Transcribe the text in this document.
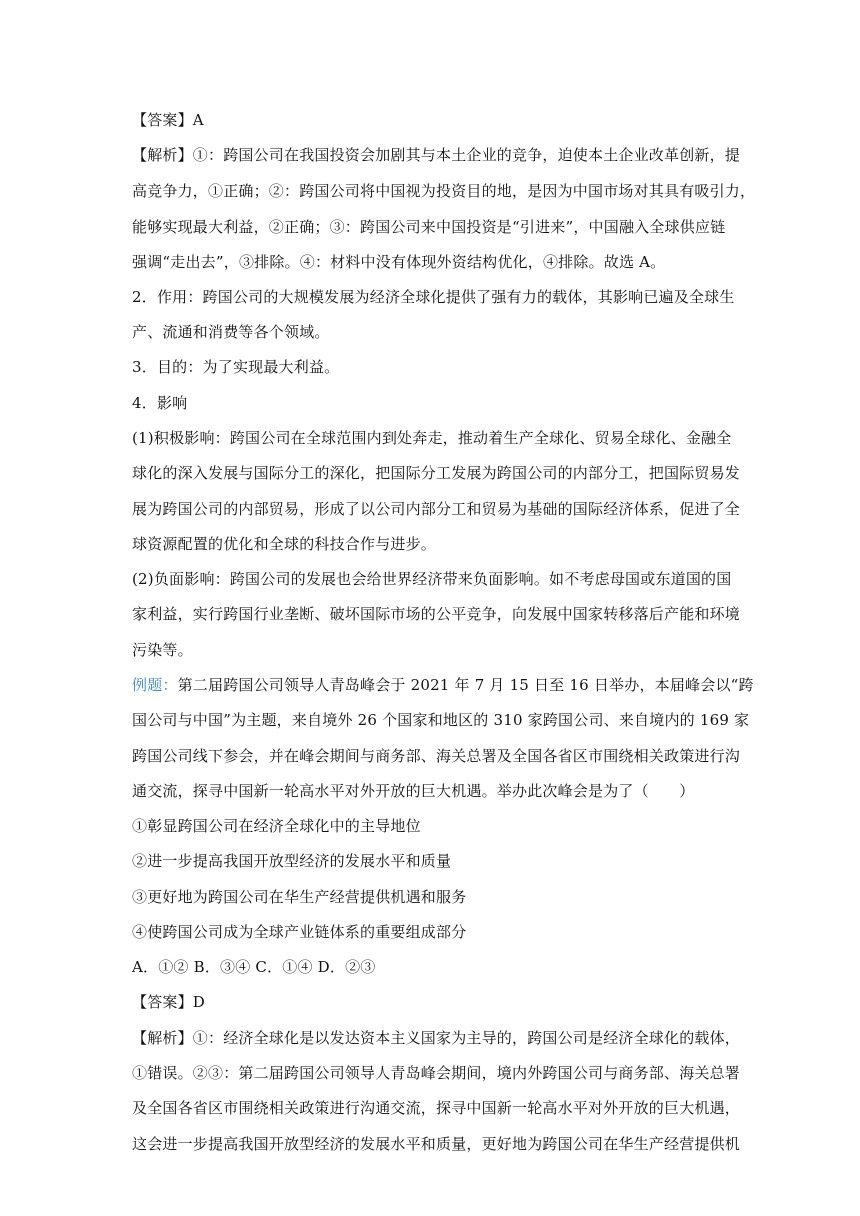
【答案】A
【解析】①：跨国公司在我国投资会加剧其与本土企业的竞争，迫使本土企业改革创新，提
高竞争力，①正确；②：跨国公司将中国视为投资目的地，是因为中国市场对其具有吸引力，
能够实现最大利益，②正确；③：跨国公司来中国投资是“引进来”，中国融入全球供应链
强调“走出去”，③排除。④：材料中没有体现外资结构优化，④排除。故选 A。
2．作用：跨国公司的大规模发展为经济全球化提供了强有力的载体，其影响已遍及全球生
产、流通和消费等各个领域。
3．目的：为了实现最大利益。
4．影响
(1)积极影响：跨国公司在全球范围内到处奔走，推动着生产全球化、贸易全球化、金融全
球化的深入发展与国际分工的深化，把国际分工发展为跨国公司的内部分工，把国际贸易发
展为跨国公司的内部贸易，形成了以公司内部分工和贸易为基础的国际经济体系，促进了全
球资源配置的优化和全球的科技合作与进步。
(2)负面影响：跨国公司的发展也会给世界经济带来负面影响。如不考虑母国或东道国的国
家利益，实行跨国行业垄断、破坏国际市场的公平竞争，向发展中国家转移落后产能和环境
污染等。
例题：第二届跨国公司领导人青岛峰会于 2021 年 7 月 15 日至 16 日举办，本届峰会以“跨
国公司与中国”为主题，来自境外 26 个国家和地区的 310 家跨国公司、来自境内的 169 家
跨国公司线下参会，并在峰会期间与商务部、海关总署及全国各省区市围绕相关政策进行沟
通交流，探寻中国新一轮高水平对外开放的巨大机遇。举办此次峰会是为了（　　）
①彰显跨国公司在经济全球化中的主导地位
②进一步提高我国开放型经济的发展水平和质量
③更好地为跨国公司在华生产经营提供机遇和服务
④使跨国公司成为全球产业链体系的重要组成部分
A．①② B．③④ C．①④ D．②③
【答案】D
【解析】①：经济全球化是以发达资本主义国家为主导的，跨国公司是经济全球化的载体，
①错误。②③：第二届跨国公司领导人青岛峰会期间，境内外跨国公司与商务部、海关总署
及全国各省区市围绕相关政策进行沟通交流，探寻中国新一轮高水平对外开放的巨大机遇，
这会进一步提高我国开放型经济的发展水平和质量，更好地为跨国公司在华生产经营提供机
